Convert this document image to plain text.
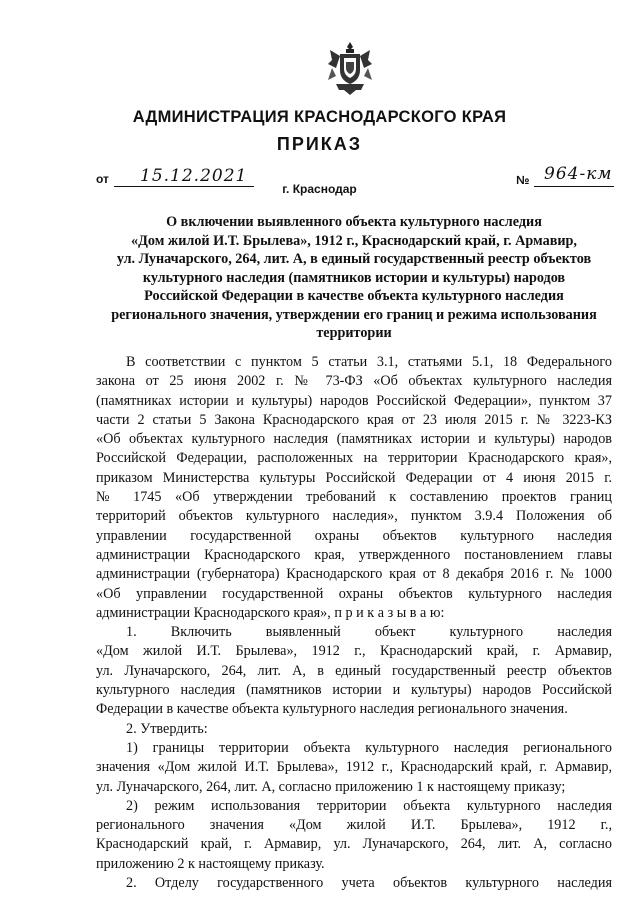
АДМИНИСТРАЦИЯ КРАСНОДАРСКОГО КРАЯ
ПРИКАЗ
от 15.12.2021	№ 964-км
г. Краснодар
О включении выявленного объекта культурного наследия
«Дом жилой И.Т. Брылева», 1912 г., Краснодарский край, г. Армавир,
ул. Луначарского, 264, лит. А, в единый государственный реестр объектов
культурного наследия (памятников истории и культуры) народов
Российской Федерации в качестве объекта культурного наследия
регионального значения, утверждении его границ и режима использования
территории
В соответствии с пунктом 5 статьи 3.1, статьями 5.1, 18 Федерального
закона от 25 июня 2002 г. № 73-ФЗ «Об объектах культурного наследия
(памятниках истории и культуры) народов Российской Федерации», пунктом 37
части 2 статьи 5 Закона Краснодарского края от 23 июля 2015 г. № 3223-КЗ
«Об объектах культурного наследия (памятниках истории и культуры) народов
Российской Федерации, расположенных на территории Краснодарского края»,
приказом Министерства культуры Российской Федерации от 4 июня 2015 г.
№ 1745 «Об утверждении требований к составлению проектов границ
территорий объектов культурного наследия», пунктом 3.9.4 Положения об
управлении государственной охраны объектов культурного наследия
администрации Краснодарского края, утвержденного постановлением главы
администрации (губернатора) Краснодарского края от 8 декабря 2016 г. № 1000
«Об управлении государственной охраны объектов культурного наследия
администрации Краснодарского края», п р и к а з ы в а ю:
1. Включить выявленный объект культурного наследия
«Дом жилой И.Т. Брылева», 1912 г., Краснодарский край, г. Армавир,
ул. Луначарского, 264, лит. А, в единый государственный реестр объектов
культурного наследия (памятников истории и культуры) народов Российской
Федерации в качестве объекта культурного наследия регионального значения.
2. Утвердить:
1) границы территории объекта культурного наследия регионального
значения «Дом жилой И.Т. Брылева», 1912 г., Краснодарский край, г. Армавир,
ул. Луначарского, 264, лит. А, согласно приложению 1 к настоящему приказу;
2) режим использования территории объекта культурного наследия
регионального значения «Дом жилой И.Т. Брылева», 1912 г.,
Краснодарский край, г. Армавир, ул. Луначарского, 264, лит. А, согласно
приложению 2 к настоящему приказу.
2. Отделу государственного учета объектов культурного наследия
